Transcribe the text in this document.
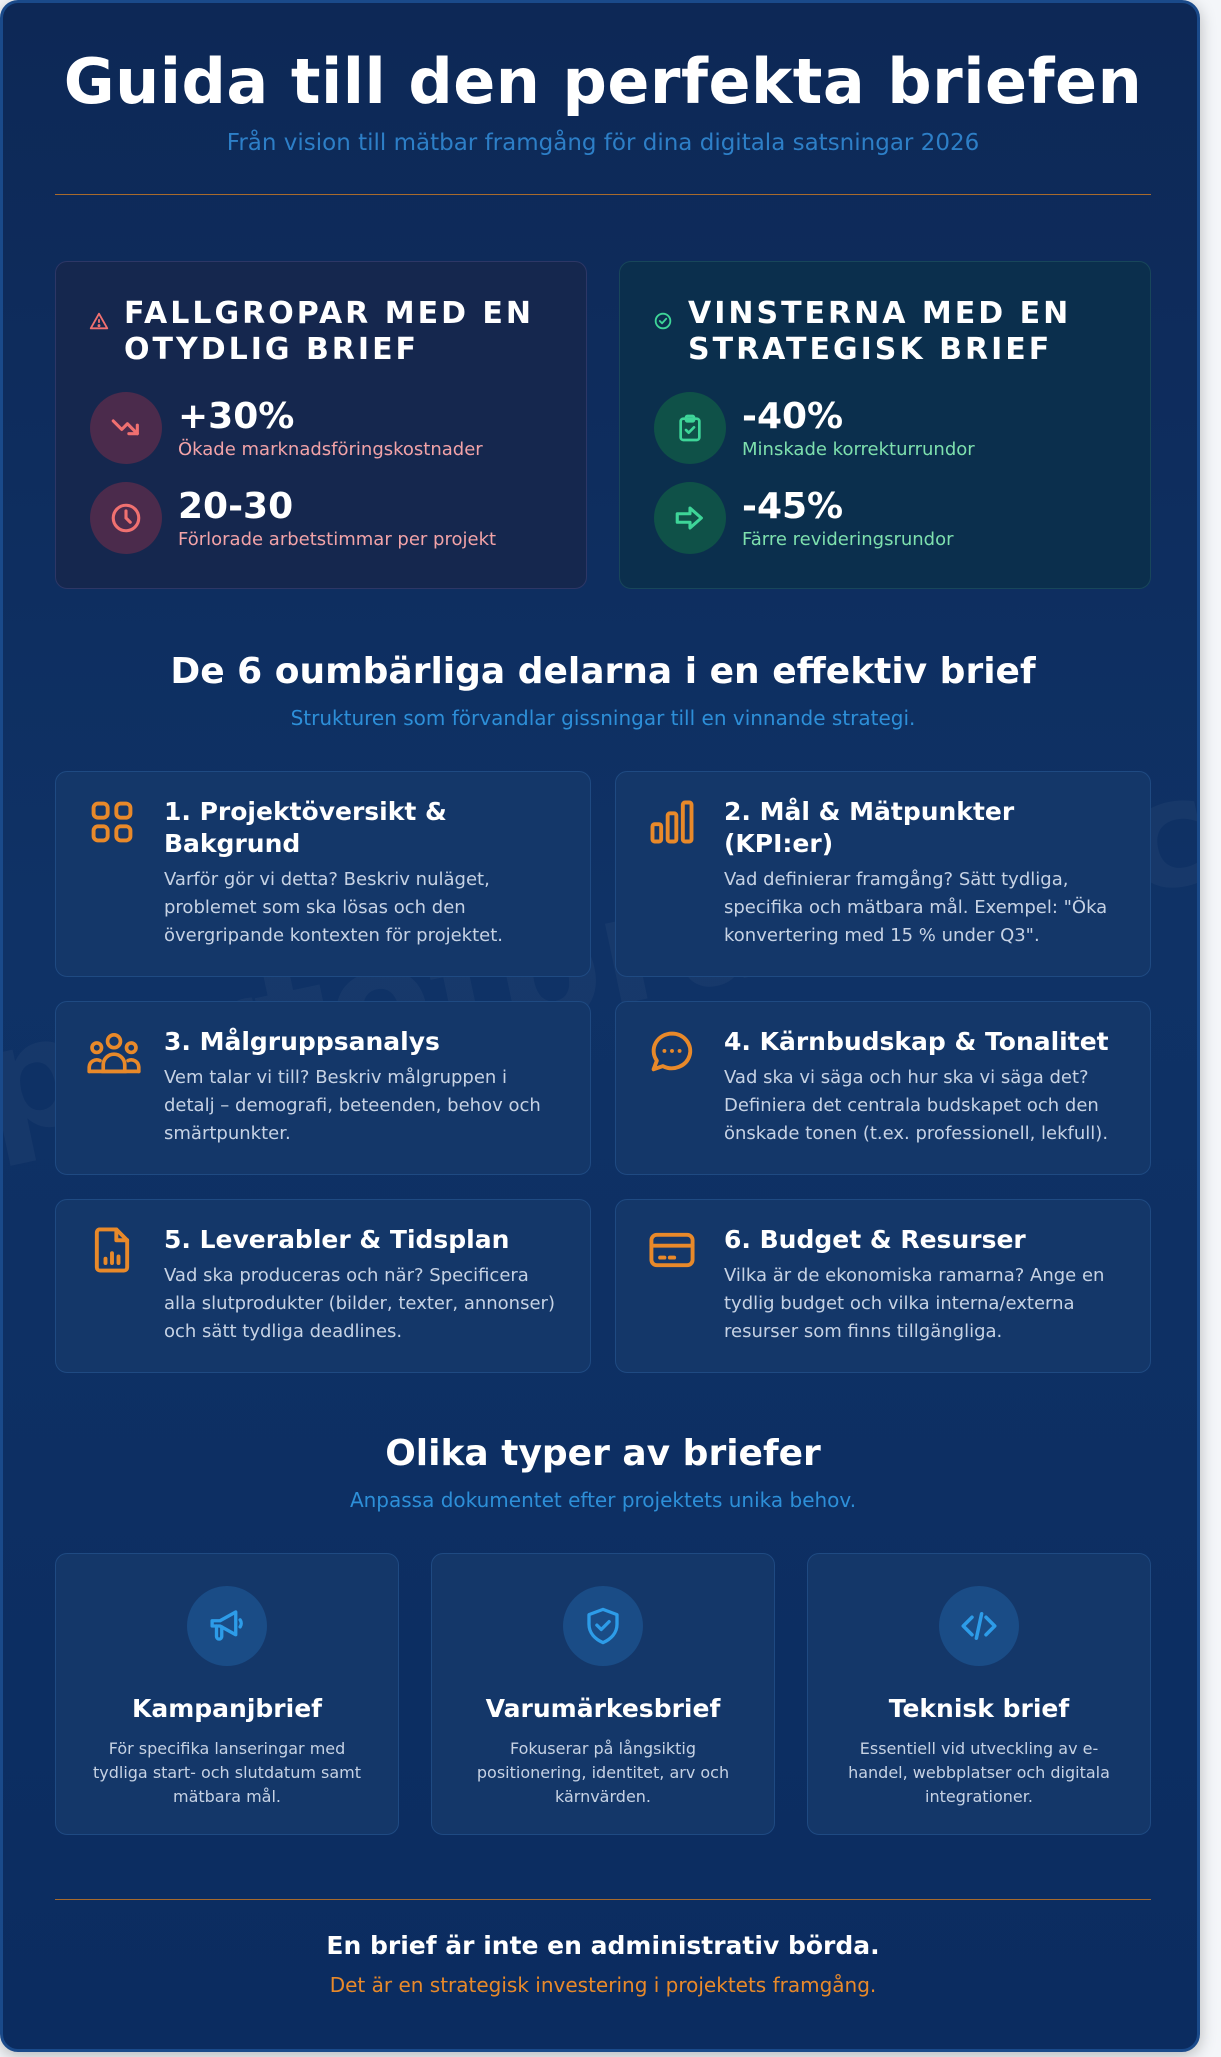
Guida till den perfekta briefen
Från vision till mätbar framgång för dina digitala satsningar 2026
FALLGROPAR MED EN OTYDLIG BRIEF
+30%
Ökade marknadsföringskostnader
20-30
Förlorade arbetstimmar per projekt
VINSTERNA MED EN STRATEGISK BRIEF
-40%
Minskade korrekturrundor
-45%
Färre revideringsrundor
De 6 oumbärliga delarna i en effektiv brief
Strukturen som förvandlar gissningar till en vinnande strategi.
1. Projektöversikt & Bakgrund
Varför gör vi detta? Beskriv nuläget, problemet som ska lösas och den övergripande kontexten för projektet.
2. Mål & Mätpunkter (KPI:er)
Vad definierar framgång? Sätt tydliga, specifika och mätbara mål. Exempel: "Öka konvertering med 15 % under Q3".
3. Målgruppsanalys
Vem talar vi till? Beskriv målgruppen i detalj – demografi, beteenden, behov och smärtpunkter.
4. Kärnbudskap & Tonalitet
Vad ska vi säga och hur ska vi säga det? Definiera det centrala budskapet och den önskade tonen (t.ex. professionell, lekfull).
5. Leverabler & Tidsplan
Vad ska produceras och när? Specificera alla slutprodukter (bilder, texter, annonser) och sätt tydliga deadlines.
6. Budget & Resurser
Vilka är de ekonomiska ramarna? Ange en tydlig budget och vilka interna/externa resurser som finns tillgängliga.
Olika typer av briefer
Anpassa dokumentet efter projektets unika behov.
Kampanjbrief
För specifika lanseringar med tydliga start- och slutdatum samt mätbara mål.
Varumärkesbrief
Fokuserar på långsiktig positionering, identitet, arv och kärnvärden.
Teknisk brief
Essentiell vid utveckling av e-handel, webbplatser och digitala integrationer.
En brief är inte en administrativ börda.
Det är en strategisk investering i projektets framgång.
